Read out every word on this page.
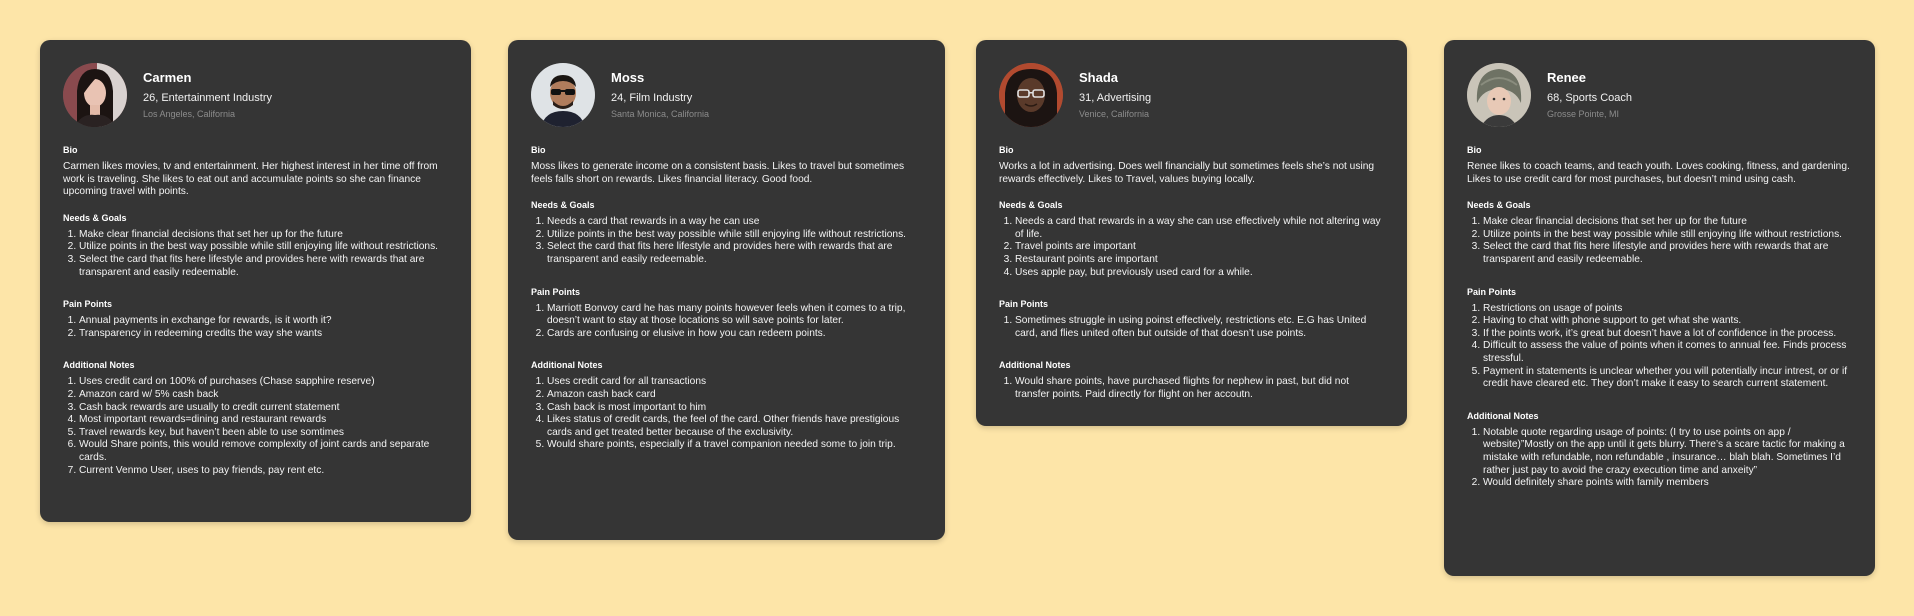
Carmen
26, Entertainment Industry
Los Angeles, California
Bio
Carmen likes movies, tv and entertainment. Her highest interest in her time off from work is traveling. She likes to eat out and accumulate points so she can finance upcoming travel with points.
Needs & Goals
1. Make clear financial decisions that set her up for the future
2. Utilize points in the best way possible while still enjoying life without restrictions.
3. Select the card that fits here lifestyle and provides here with rewards that are transparent and easily redeemable.
Pain Points
1. Annual payments in exchange for rewards, is it worth it?
2. Transparency in redeeming credits the way she wants
Additional Notes
1. Uses credit card on 100% of purchases (Chase sapphire reserve)
2. Amazon card w/ 5% cash back
3. Cash back rewards are usually to credit current statement
4. Most important rewards=dining and restaurant rewards
5. Travel rewards key, but haven’t been able to use somtimes
6. Would Share points, this would remove complexity of joint cards and separate cards.
7. Current Venmo User, uses to pay friends, pay rent etc.
Moss
24, Film Industry
Santa Monica, California
Bio
Moss likes to generate income on a consistent basis. Likes to travel but sometimes feels falls short on rewards. Likes financial literacy. Good food.
Needs & Goals
1. Needs a card that rewards in a way he can use
2. Utilize points in the best way possible while still enjoying life without restrictions.
3. Select the card that fits here lifestyle and provides here with rewards that are transparent and easily redeemable.
Pain Points
1. Marriott Bonvoy card he has many points however feels when it comes to a trip, doesn’t want to stay at those locations so will save points for later.
2. Cards are confusing or elusive in how you can redeem points.
Additional Notes
1. Uses credit card for all transactions
2. Amazon cash back card
3. Cash back is most important to him
4. Likes status of credit cards, the feel of the card. Other friends have prestigious cards and get treated better because of the exclusivity.
5. Would share points, especially if a travel companion needed some to join trip.
Shada
31, Advertising
Venice, California
Bio
Works a lot in advertising. Does well financially but sometimes feels she’s not using rewards effectively. Likes to Travel, values buying locally.
Needs & Goals
1. Needs a card that rewards in a way she can use effectively while not altering way of life.
2. Travel points are important
3. Restaurant points are important
4. Uses apple pay, but previously used card for a while.
Pain Points
1. Sometimes struggle in using poinst effectively, restrictions etc. E.G has United card, and flies united often but outside of that doesn’t use points.
Additional Notes
1. Would share points, have purchased flights for nephew in past, but did not transfer points. Paid directly for flight on her accoutn.
Renee
68, Sports Coach
Grosse Pointe, MI
Bio
Renee likes to coach teams, and teach youth. Loves cooking, fitness, and gardening. Likes to use credit card for most purchases, but doesn’t mind using cash.
Needs & Goals
1. Make clear financial decisions that set her up for the future
2. Utilize points in the best way possible while still enjoying life without restrictions.
3. Select the card that fits here lifestyle and provides here with rewards that are transparent and easily redeemable.
Pain Points
1. Restrictions on usage of points
2. Having to chat with phone support to get what she wants.
3. If the points work, it’s great but doesn’t have a lot of confidence in the process.
4. Difficult to assess the value of points when it comes to annual fee. Finds process stressful.
5. Payment in statements is unclear whether you will potentially incur intrest, or or if credit have cleared etc. They don’t make it easy to search current statement.
Additional Notes
1. Notable quote regarding usage of points: (I try to use points on app / website)”Mostly on the app until it gets blurry. There’s a scare tactic for making a mistake with refundable, non refundable , insurance… blah blah. Sometimes I’d rather just pay to avoid the crazy execution time and anxeity”
2. Would definitely share points with family members
